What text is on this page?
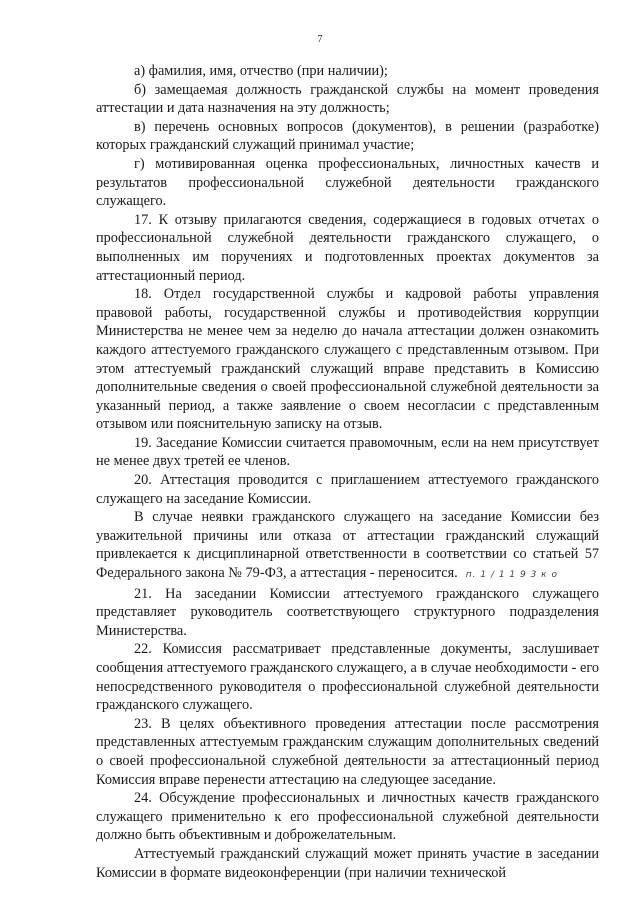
7

а) фамилия, имя, отчество (при наличии);

б) замещаемая должность гражданской службы на момент проведения аттестации и дата назначения на эту должность;

в) перечень основных вопросов (документов), в решении (разработке) которых гражданский служащий принимал участие;

г) мотивированная оценка профессиональных, личностных качеств и результатов профессиональной служебной деятельности гражданского служащего.

17. К отзыву прилагаются сведения, содержащиеся в годовых отчетах о профессиональной служебной деятельности гражданского служащего, о выполненных им поручениях и подготовленных проектах документов за аттестационный период.

18. Отдел государственной службы и кадровой работы управления правовой работы, государственной службы и противодействия коррупции Министерства не менее чем за неделю до начала аттестации должен ознакомить каждого аттестуемого гражданского служащего с представленным отзывом. При этом аттестуемый гражданский служащий вправе представить в Комиссию дополнительные сведения о своей профессиональной служебной деятельности за указанный период, а также заявление о своем несогласии с представленным отзывом или пояснительную записку на отзыв.

19. Заседание Комиссии считается правомочным, если на нем присутствует не менее двух третей ее членов.

20. Аттестация проводится с приглашением аттестуемого гражданского служащего на заседание Комиссии.

В случае неявки гражданского служащего на заседание Комиссии без уважительной причины или отказа от аттестации гражданский служащий привлекается к дисциплинарной ответственности в соответствии со статьей 57 Федерального закона № 79-ФЗ, а аттестация - переносится. п. 1 / 1 1 9 3 к о

21. На заседании Комиссии аттестуемого гражданского служащего представляет руководитель соответствующего структурного подразделения Министерства.

22. Комиссия рассматривает представленные документы, заслушивает сообщения аттестуемого гражданского служащего, а в случае необходимости - его непосредственного руководителя о профессиональной служебной деятельности гражданского служащего.

23. В целях объективного проведения аттестации после рассмотрения представленных аттестуемым гражданским служащим дополнительных сведений о своей профессиональной служебной деятельности за аттестационный период Комиссия вправе перенести аттестацию на следующее заседание.

24. Обсуждение профессиональных и личностных качеств гражданского служащего применительно к его профессиональной служебной деятельности должно быть объективным и доброжелательным.

Аттестуемый гражданский служащий может принять участие в заседании Комиссии в формате видеоконференции (при наличии технической
